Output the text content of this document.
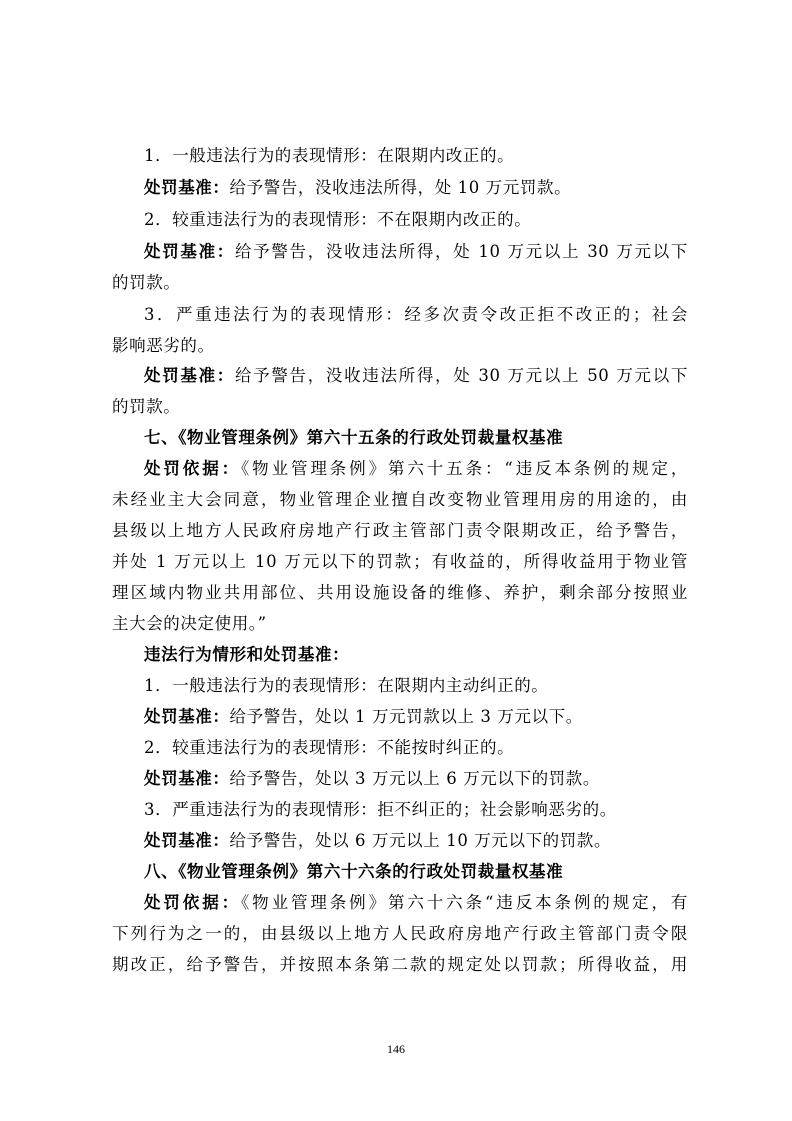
1．一般违法行为的表现情形：在限期内改正的。
处罚基准：给予警告，没收违法所得，处 10 万元罚款。
2．较重违法行为的表现情形：不在限期内改正的。
处罚基准：给予警告，没收违法所得，处 10 万元以上 30 万元以下
的罚款。
3．严重违法行为的表现情形：经多次责令改正拒不改正的；社会
影响恶劣的。
处罚基准：给予警告，没收违法所得，处 30 万元以上 50 万元以下
的罚款。
七、《物业管理条例》第六十五条的行政处罚裁量权基准
处罚依据：《物业管理条例》第六十五条：“违反本条例的规定，
未经业主大会同意，物业管理企业擅自改变物业管理用房的用途的，由
县级以上地方人民政府房地产行政主管部门责令限期改正，给予警告，
并处 1 万元以上 10 万元以下的罚款；有收益的，所得收益用于物业管
理区域内物业共用部位、共用设施设备的维修、养护，剩余部分按照业
主大会的决定使用。”
违法行为情形和处罚基准：
1．一般违法行为的表现情形：在限期内主动纠正的。
处罚基准：给予警告，处以 1 万元罚款以上 3 万元以下。
2．较重违法行为的表现情形：不能按时纠正的。
处罚基准：给予警告，处以 3 万元以上 6 万元以下的罚款。
3．严重违法行为的表现情形：拒不纠正的；社会影响恶劣的。
处罚基准：给予警告，处以 6 万元以上 10 万元以下的罚款。
八、《物业管理条例》第六十六条的行政处罚裁量权基准
处罚依据：《物业管理条例》第六十六条“违反本条例的规定，有
下列行为之一的，由县级以上地方人民政府房地产行政主管部门责令限
期改正，给予警告，并按照本条第二款的规定处以罚款；所得收益，用
146
